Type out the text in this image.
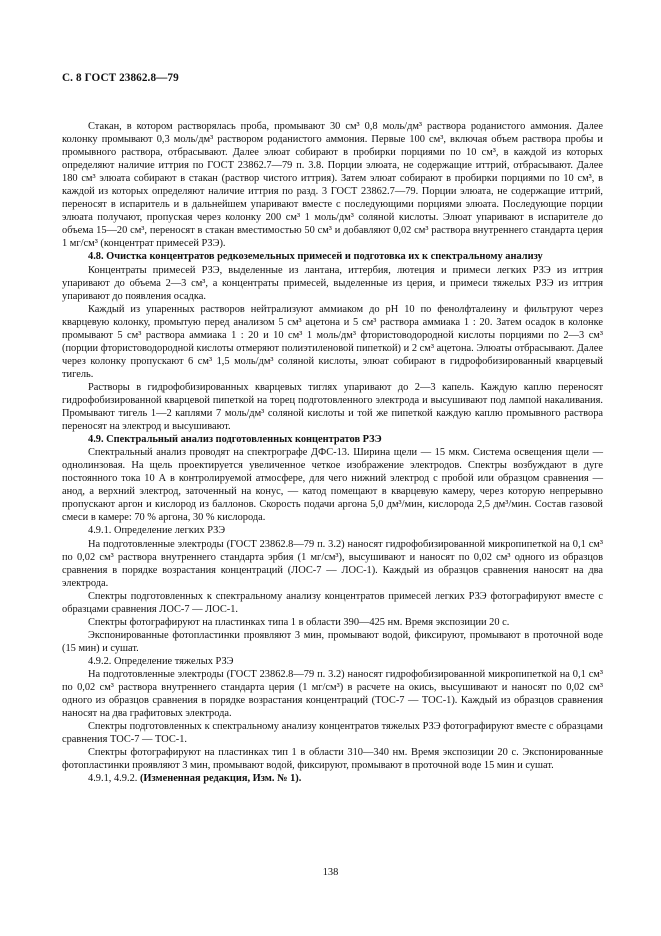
С. 8 ГОСТ 23862.8—79

Стакан, в котором растворялась проба, промывают 30 см³ 0,8 моль/дм³ раствора роданистого аммония. Далее колонку промывают 0,3 моль/дм³ раствором роданистого аммония. Первые 100 см³, включая объем раствора пробы и промывного раствора, отбрасывают. Далее элюат собирают в пробирки порциями по 10 см³, в каждой из которых определяют наличие иттрия по ГОСТ 23862.7—79 п. 3.8. Порции элюата, не содержащие иттрий, отбрасывают. Далее 180 см³ элюата собирают в стакан (раствор чистого иттрия). Затем элюат собирают в пробирки порциями по 10 см³, в каждой из которых определяют наличие иттрия по разд. 3 ГОСТ 23862.7—79. Порции элюата, не содержащие иттрий, переносят в испаритель и в дальнейшем упаривают вместе с последующими порциями элюата. Последующие порции элюата получают, пропуская через колонку 200 см³ 1 моль/дм³ соляной кислоты. Элюат упаривают в испарителе до объема 15—20 см³, переносят в стакан вместимостью 50 см³ и добавляют 0,02 см³ раствора внутреннего стандарта церия 1 мг/см³ (концентрат примесей РЗЭ).

4.8. Очистка концентратов редкоземельных примесей и подготовка их к спектральному анализу

Концентраты примесей РЗЭ, выделенные из лантана, иттербия, лютеция и примеси легких РЗЭ из иттрия упаривают до объема 2—3 см³, а концентраты примесей, выделенные из церия, и примеси тяжелых РЗЭ из иттрия упаривают до появления осадка.

Каждый из упаренных растворов нейтрализуют аммиаком до pH 10 по фенолфталеину и фильтруют через кварцевую колонку, промытую перед анализом 5 см³ ацетона и 5 см³ раствора аммиака 1 : 20. Затем осадок в колонке промывают 5 см³ раствора аммиака 1 : 20 и 10 см³ 1 моль/дм³ фтористоводородной кислоты порциями по 2—3 см³ (порции фтористоводородной кислоты отмеряют полиэтиленовой пипеткой) и 2 см³ ацетона. Элюаты отбрасывают. Далее через колонку пропускают 6 см³ 1,5 моль/дм³ соляной кислоты, элюат собирают в гидрофобизированный кварцевый тигель.

Растворы в гидрофобизированных кварцевых тиглях упаривают до 2—3 капель. Каждую каплю переносят гидрофобизированной кварцевой пипеткой на торец подготовленного электрода и высушивают под лампой накаливания. Промывают тигель 1—2 каплями 7 моль/дм³ соляной кислоты и той же пипеткой каждую каплю промывного раствора переносят на электрод и высушивают.

4.9. Спектральный анализ подготовленных концентратов РЗЭ

Спектральный анализ проводят на спектрографе ДФС-13. Ширина щели — 15 мкм. Система освещения щели — однолинзовая. На щель проектируется увеличенное четкое изображение электродов. Спектры возбуждают в дуге постоянного тока 10 А в контролируемой атмосфере, для чего нижний электрод с пробой или образцом сравнения — анод, а верхний электрод, заточенный на конус, — катод помещают в кварцевую камеру, через которую непрерывно пропускают аргон и кислород из баллонов. Скорость подачи аргона 5,0 дм³/мин, кислорода 2,5 дм³/мин. Состав газовой смеси в камере: 70 % аргона, 30 % кислорода.

4.9.1. Определение легких РЗЭ

На подготовленные электроды (ГОСТ 23862.8—79 п. 3.2) наносят гидрофобизированной микропипеткой на 0,1 см³ по 0,02 см³ раствора внутреннего стандарта эрбия (1 мг/см³), высушивают и наносят по 0,02 см³ одного из образцов сравнения в порядке возрастания концентраций (ЛОС-7 — ЛОС-1). Каждый из образцов сравнения наносят на два электрода.

Спектры подготовленных к спектральному анализу концентратов примесей легких РЗЭ фотографируют вместе с образцами сравнения ЛОС-7 — ЛОС-1.

Спектры фотографируют на пластинках типа 1 в области 390—425 нм. Время экспозиции 20 с.

Экспонированные фотопластинки проявляют 3 мин, промывают водой, фиксируют, промывают в проточной воде (15 мин) и сушат.

4.9.2. Определение тяжелых РЗЭ

На подготовленные электроды (ГОСТ 23862.8—79 п. 3.2) наносят гидрофобизированной микропипеткой на 0,1 см³ по 0,02 см³ раствора внутреннего стандарта церия (1 мг/см³) в расчете на окись, высушивают и наносят по 0,02 см³ одного из образцов сравнения в порядке возрастания концентраций (ТОС-7 — ТОС-1). Каждый из образцов сравнения наносят на два графитовых электрода.

Спектры подготовленных к спектральному анализу концентратов тяжелых РЗЭ фотографируют вместе с образцами сравнения ТОС-7 — ТОС-1.

Спектры фотографируют на пластинках тип 1 в области 310—340 нм. Время экспозиции 20 с. Экспонированные фотопластинки проявляют 3 мин, промывают водой, фиксируют, промывают в проточной воде 15 мин и сушат.

4.9.1, 4.9.2. (Измененная редакция, Изм. № 1).

138
